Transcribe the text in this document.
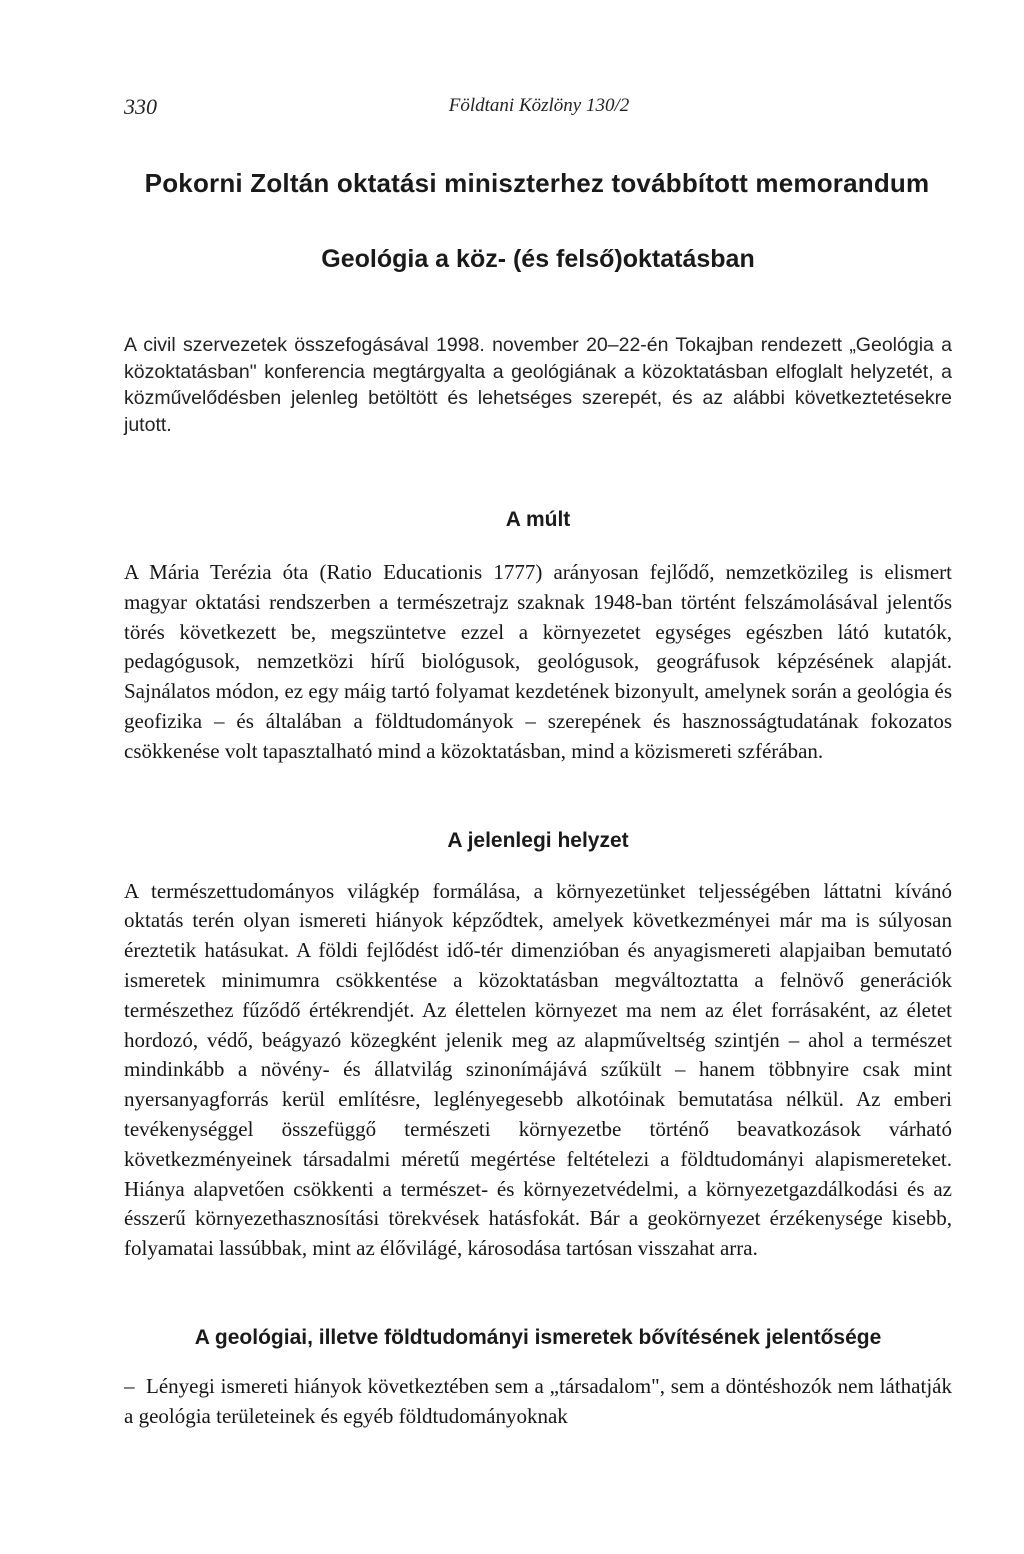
330	Földtani Közlöny 130/2
Pokorni Zoltán oktatási miniszterhez továbbított memorandum
Geológia a köz- (és felső)oktatásban

A civil szervezetek összefogásával 1998. november 20–22-én Tokajban rendezett „Geológia a közoktatásban" konferencia megtárgyalta a geológiának a közoktatásban elfoglalt helyzetét, a közművelődésben jelenleg betöltött és lehetséges szerepét, és az alábbi következtetésekre jutott.

A múlt

A Mária Terézia óta (Ratio Educationis 1777) arányosan fejlődő, nemzetközileg is elismert magyar oktatási rendszerben a természetrajz szaknak 1948-ban történt felszámolásával jelentős törés következett be, megszüntetve ezzel a környezetet egységes egészben látó kutatók, pedagógusok, nemzetközi hírű biológusok, geológusok, geográfusok képzésének alapját. Sajnálatos módon, ez egy máig tartó folyamat kezdetének bizonyult, amelynek során a geológia és geofizika – és általában a földtudományok – szerepének és hasznosságtudatának fokozatos csökkenése volt tapasztalható mind a közoktatásban, mind a közismereti szférában.

A jelenlegi helyzet

A természettudományos világkép formálása, a környezetünket teljességében láttatni kívánó oktatás terén olyan ismereti hiányok képződtek, amelyek következményei már ma is súlyosan éreztetik hatásukat. A földi fejlődést idő-tér dimenzióban és anyagismereti alapjaiban bemutató ismeretek minimumra csökkentése a közoktatásban megváltoztatta a felnövő generációk természethez fűződő értékrendjét. Az élettelen környezet ma nem az élet forrásaként, az életet hordozó, védő, beágyazó közegként jelenik meg az alapműveltség szintjén – ahol a természet mindinkább a növény- és állatvilág szinonímájává szűkült – hanem többnyire csak mint nyersanyagforrás kerül említésre, leglényegesebb alkotóinak bemutatása nélkül. Az emberi tevékenységgel összefüggő természeti környezetbe történő beavatkozások várható következményeinek társadalmi méretű megértése feltételezi a földtudományi alapismereteket. Hiánya alapvetően csökkenti a természet- és környezetvédelmi, a környezetgazdálkodási és az ésszerű környezethasznosítási törekvések hatásfokát. Bár a geokörnyezet érzékenysége kisebb, folyamatai lassúbbak, mint az élővilágé, károsodása tartósan visszahat arra.

A geológiai, illetve földtudományi ismeretek bővítésének jelentősége

– Lényegi ismereti hiányok következtében sem a „társadalom", sem a döntéshozók nem láthatják a geológia területeinek és egyéb földtudományoknak
